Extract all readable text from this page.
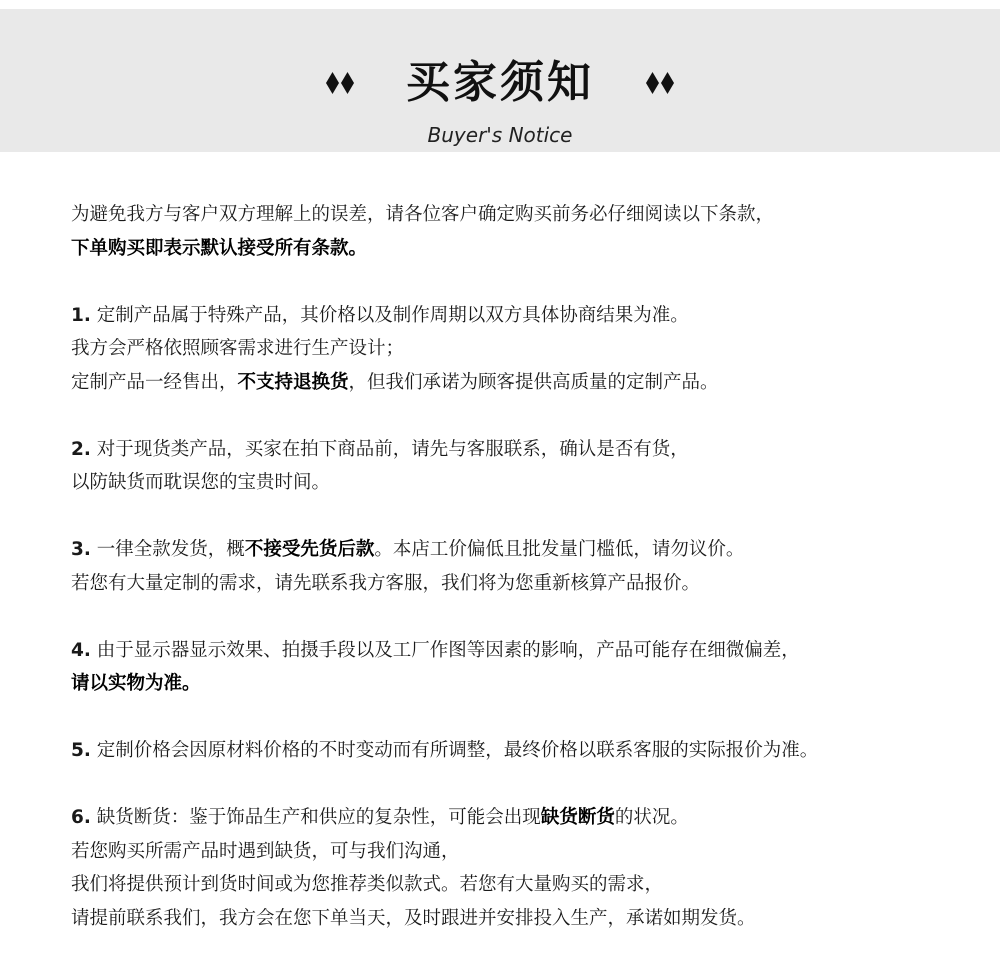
买家须知
Buyer's Notice
为避免我方与客户双方理解上的误差，请各位客户确定购买前务必仔细阅读以下条款，
下单购买即表示默认接受所有条款。
1. 定制产品属于特殊产品，其价格以及制作周期以双方具体协商结果为准。
我方会严格依照顾客需求进行生产设计；
定制产品一经售出，不支持退换货，但我们承诺为顾客提供高质量的定制产品。
2. 对于现货类产品，买家在拍下商品前，请先与客服联系，确认是否有货，
以防缺货而耽误您的宝贵时间。
3. 一律全款发货，概不接受先货后款。本店工价偏低且批发量门槛低，请勿议价。
若您有大量定制的需求，请先联系我方客服，我们将为您重新核算产品报价。
4. 由于显示器显示效果、拍摄手段以及工厂作图等因素的影响，产品可能存在细微偏差，
请以实物为准。
5. 定制价格会因原材料价格的不时变动而有所调整，最终价格以联系客服的实际报价为准。
6. 缺货断货：鉴于饰品生产和供应的复杂性，可能会出现缺货断货的状况。
若您购买所需产品时遇到缺货，可与我们沟通，
我们将提供预计到货时间或为您推荐类似款式。若您有大量购买的需求，
请提前联系我们，我方会在您下单当天，及时跟进并安排投入生产，承诺如期发货。
